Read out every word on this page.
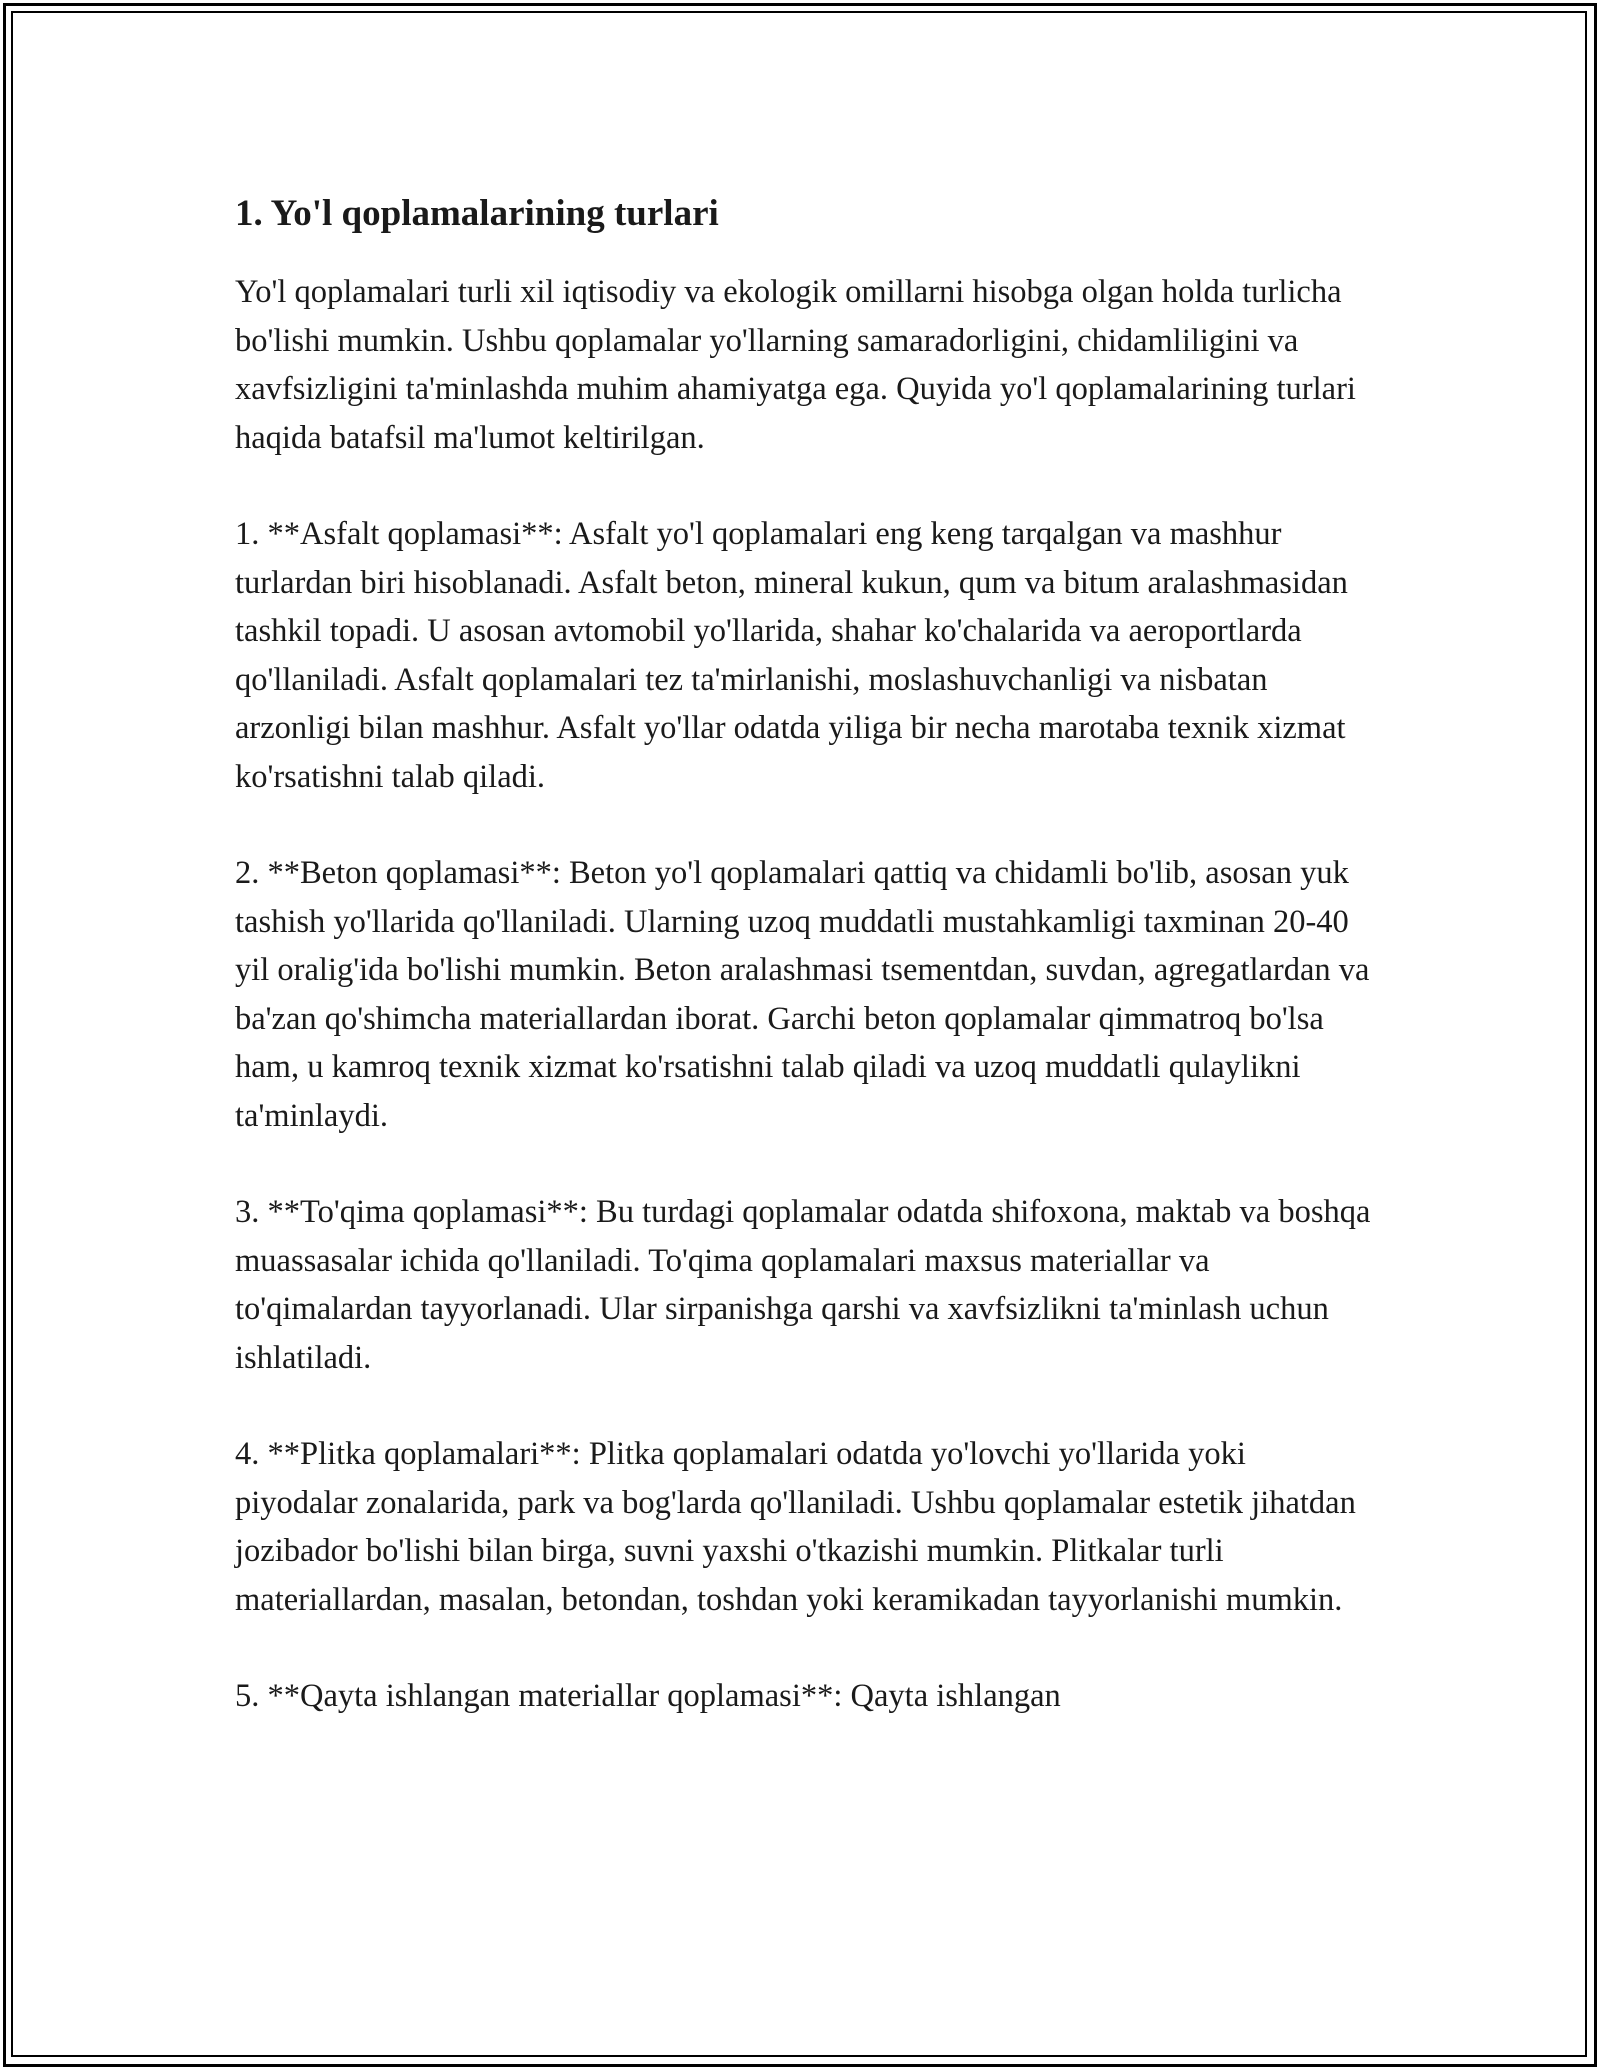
1. Yo'l qoplamalarining turlari

Yo'l qoplamalari turli xil iqtisodiy va ekologik omillarni hisobga olgan holda turlicha bo'lishi mumkin. Ushbu qoplamalar yo'llarning samaradorligini, chidamliligini va xavfsizligini ta'minlashda muhim ahamiyatga ega. Quyida yo'l qoplamalarining turlari haqida batafsil ma'lumot keltirilgan.

1. **Asfalt qoplamasi**: Asfalt yo'l qoplamalari eng keng tarqalgan va mashhur turlardan biri hisoblanadi. Asfalt beton, mineral kukun, qum va bitum aralashmasidan tashkil topadi. U asosan avtomobil yo'llarida, shahar ko'chalarida va aeroportlarda qo'llaniladi. Asfalt qoplamalari tez ta'mirlanishi, moslashuvchanligi va nisbatan arzonligi bilan mashhur. Asfalt yo'llar odatda yiliga bir necha marotaba texnik xizmat ko'rsatishni talab qiladi.

2. **Beton qoplamasi**: Beton yo'l qoplamalari qattiq va chidamli bo'lib, asosan yuk tashish yo'llarida qo'llaniladi. Ularning uzoq muddatli mustahkamligi taxminan 20-40 yil oralig'ida bo'lishi mumkin. Beton aralashmasi tsementdan, suvdan, agregatlardan va ba'zan qo'shimcha materiallardan iborat. Garchi beton qoplamalar qimmatroq bo'lsa ham, u kamroq texnik xizmat ko'rsatishni talab qiladi va uzoq muddatli qulaylikni ta'minlaydi.

3. **To'qima qoplamasi**: Bu turdagi qoplamalar odatda shifoxona, maktab va boshqa muassasalar ichida qo'llaniladi. To'qima qoplamalari maxsus materiallar va to'qimalardan tayyorlanadi. Ular sirpanishga qarshi va xavfsizlikni ta'minlash uchun ishlatiladi.

4. **Plitka qoplamalari**: Plitka qoplamalari odatda yo'lovchi yo'llarida yoki piyodalar zonalarida, park va bog'larda qo'llaniladi. Ushbu qoplamalar estetik jihatdan jozibador bo'lishi bilan birga, suvni yaxshi o'tkazishi mumkin. Plitkalar turli materiallardan, masalan, betondan, toshdan yoki keramikadan tayyorlanishi mumkin.

5. **Qayta ishlangan materiallar qoplamasi**: Qayta ishlangan
